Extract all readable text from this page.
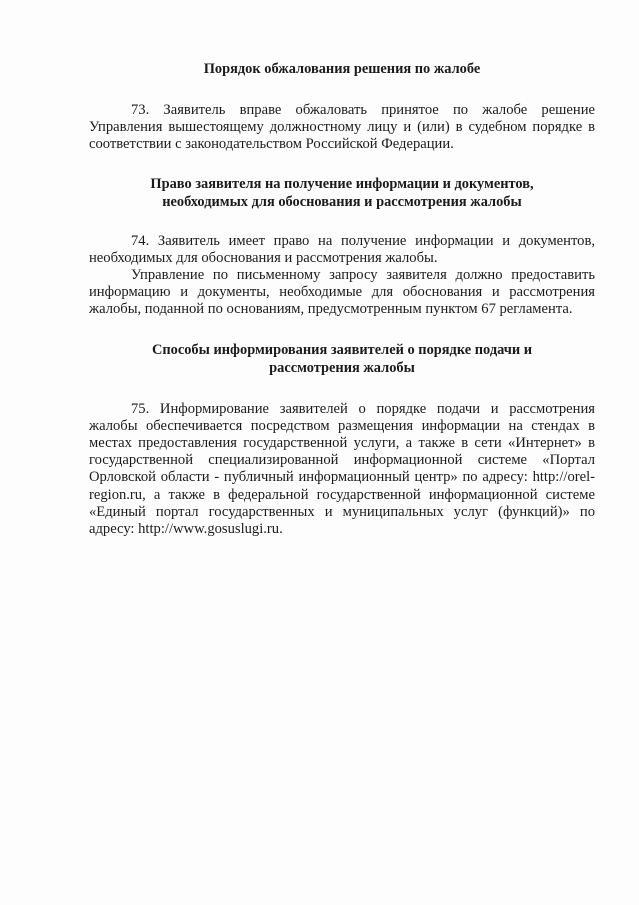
Порядок обжалования решения по жалобе

73. Заявитель вправе обжаловать принятое по жалобе решение Управления вышестоящему должностному лицу и (или) в судебном порядке в соответствии с законодательством Российской Федерации.

Право заявителя на получение информации и документов,
необходимых для обоснования и рассмотрения жалобы

74. Заявитель имеет право на получение информации и документов, необходимых для обоснования и рассмотрения жалобы.

Управление по письменному запросу заявителя должно предоставить информацию и документы, необходимые для обоснования и рассмотрения жалобы, поданной по основаниям, предусмотренным пунктом 67 регламента.

Способы информирования заявителей о порядке подачи и
рассмотрения жалобы

75. Информирование заявителей о порядке подачи и рассмотрения жалобы обеспечивается посредством размещения информации на стендах в местах предоставления государственной услуги, а также в сети «Интернет» в государственной специализированной информационной системе «Портал Орловской области - публичный информационный центр» по адресу: http://orel-region.ru, а также в федеральной государственной информационной системе «Единый портал государственных и муниципальных услуг (функций)» по адресу: http://www.gosuslugi.ru.
